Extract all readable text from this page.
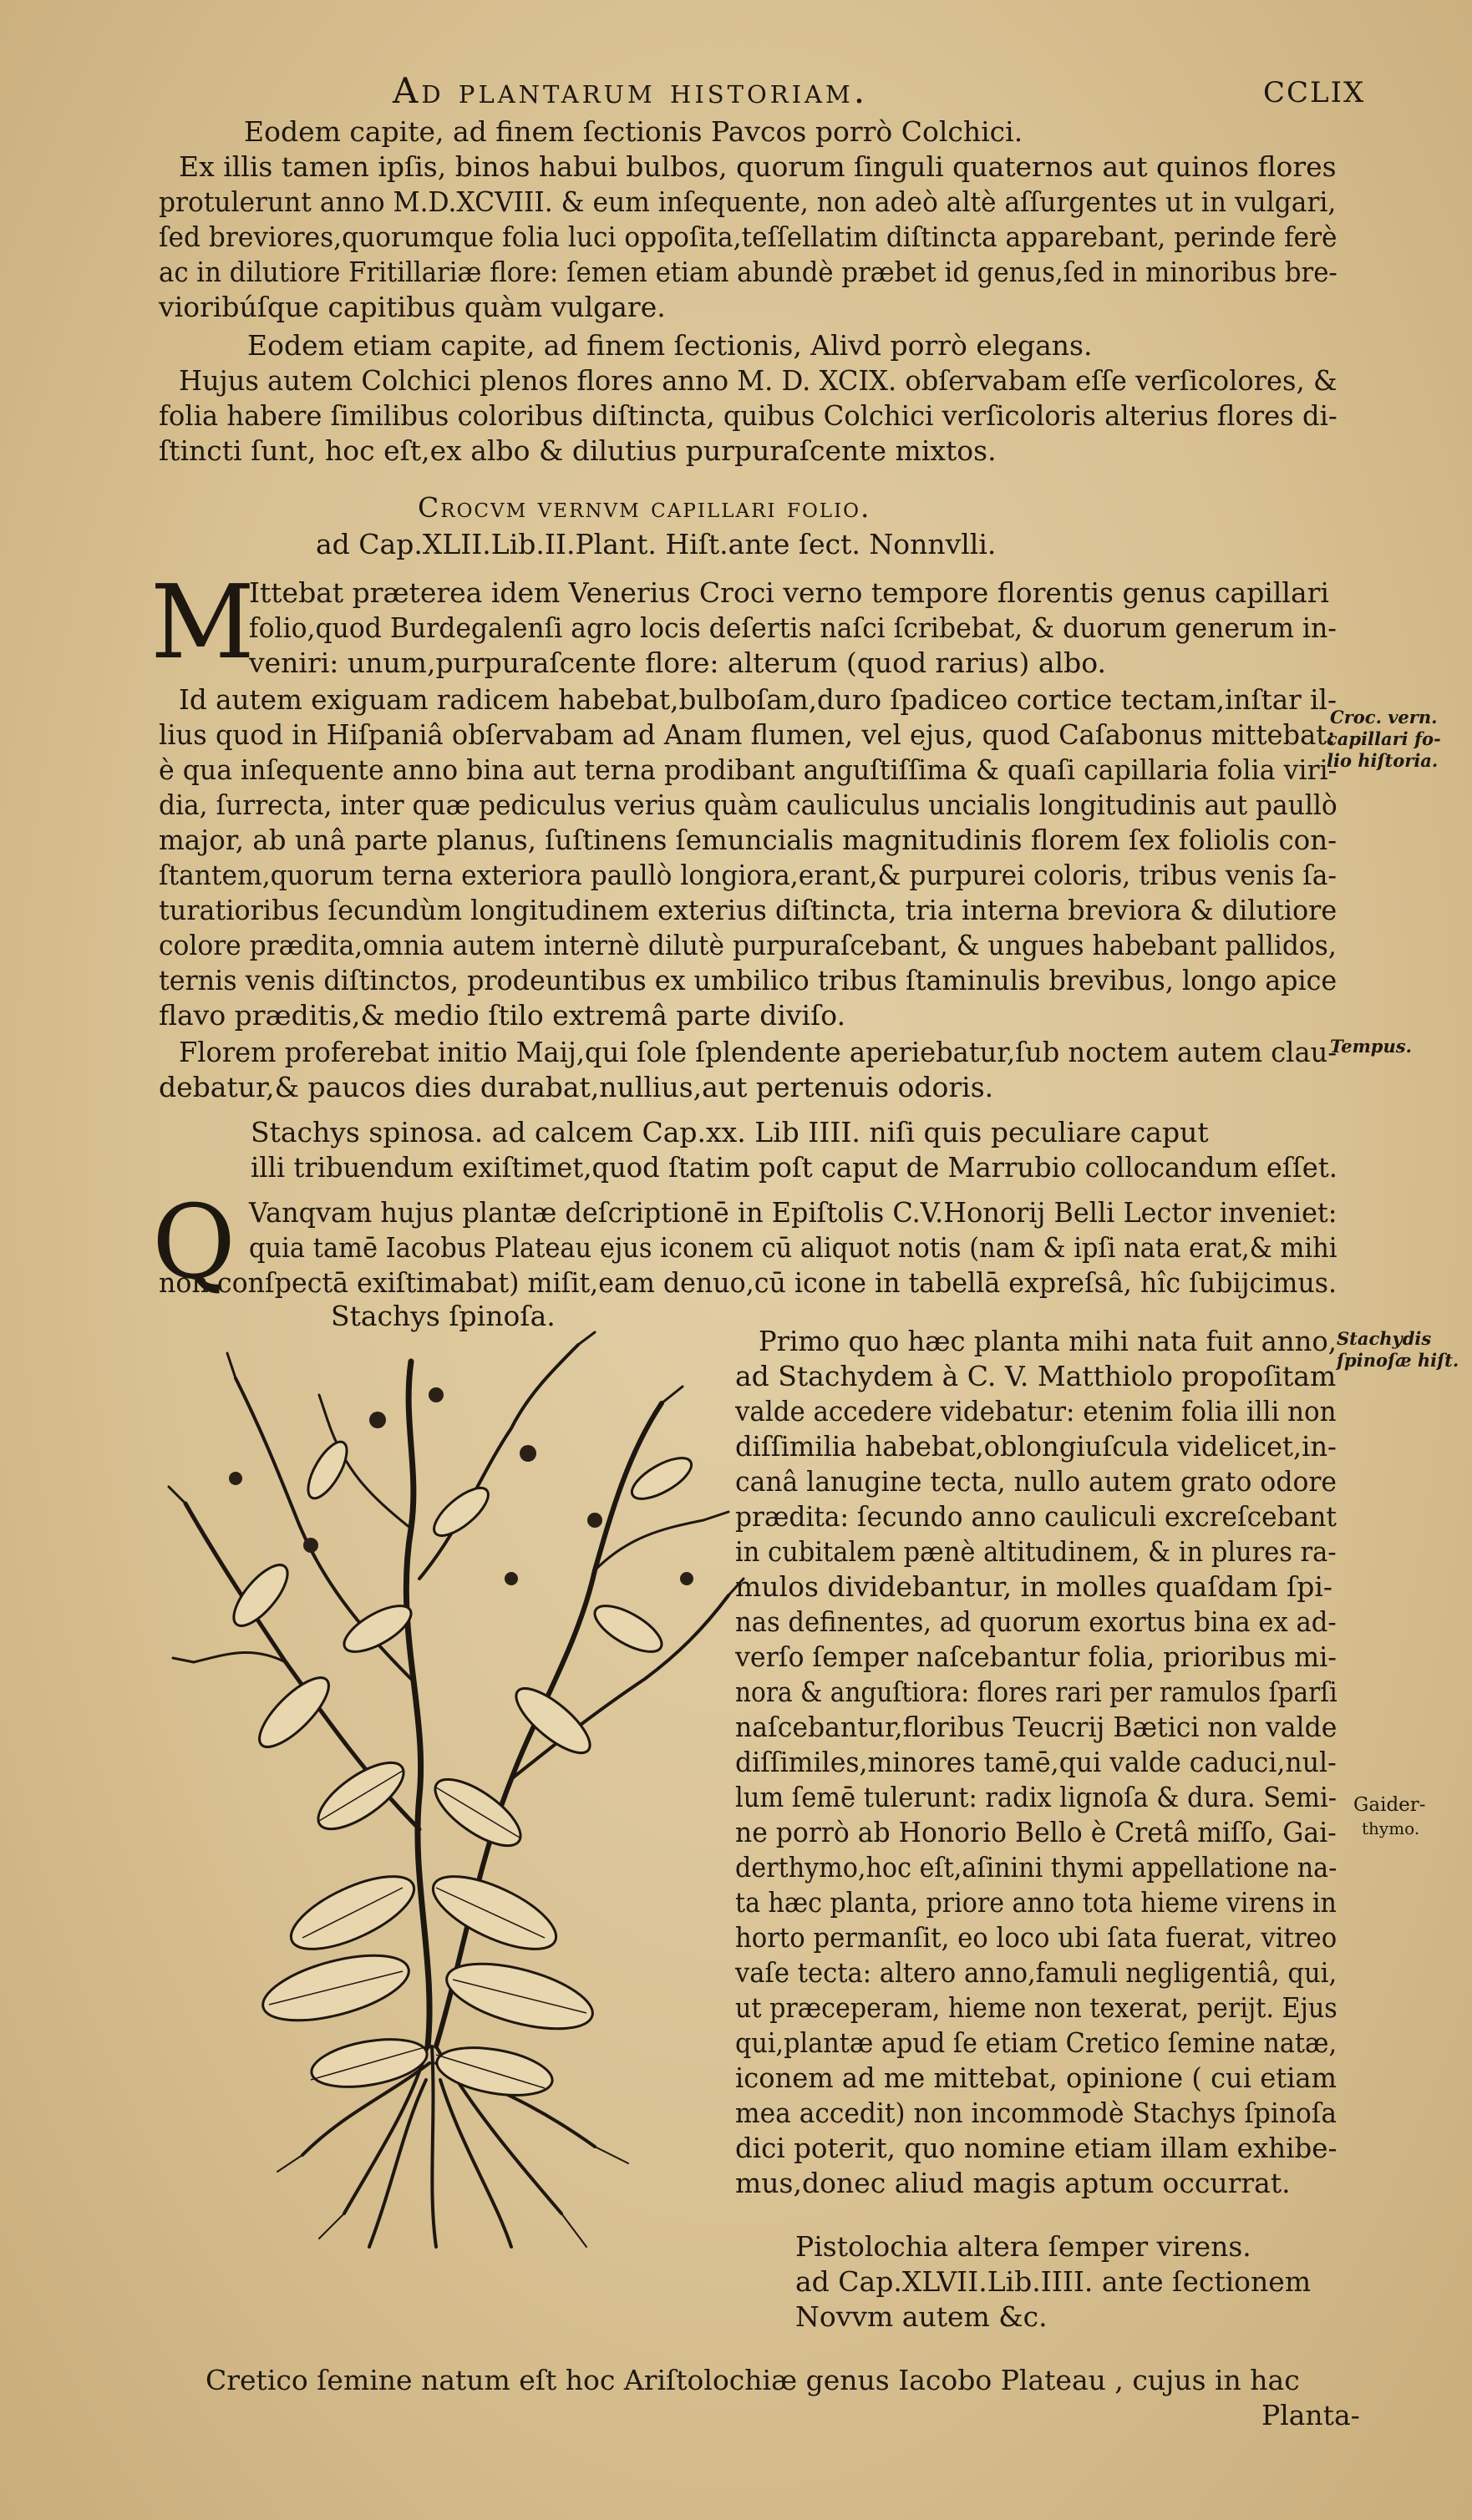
Ad plantarum historiam.	cclix
Eodem capite, ad finem ſectionis Pavcos porrò Colchici.
Ex illis tamen ipſis, binos habui bulbos, quorum ſinguli quaternos aut quinos flores
protulerunt anno M.D.XCVIII. & eum inſequente, non adeò altè aſſurgentes ut in vulgari,
ſed breviores,quorumque folia luci oppoſita,teſſellatim diſtincta apparebant, perinde ferè
ac in dilutiore Fritillariæ flore: ſemen etiam abundè præbet id genus,ſed in minoribus bre-
vioribúſque capitibus quàm vulgare.
Eodem etiam capite, ad finem ſectionis, Alivd porrò elegans.
Hujus autem Colchici plenos flores anno M. D. XCIX. obſervabam eſſe verſicolores, &
folia habere ſimilibus coloribus diſtincta, quibus Colchici verſicoloris alterius flores di-
ſtincti ſunt, hoc eſt,ex albo & dilutius purpuraſcente mixtos.
Crocvm vernvm capillari folio.
ad Cap.XLII.Lib.II.Plant. Hiſt.ante ſect. Nonnvlli.
M
Ittebat præterea idem Venerius Croci verno tempore florentis genus capillari
folio,quod Burdegalenſi agro locis deſertis naſci ſcribebat, & duorum generum in-
veniri: unum,purpuraſcente flore: alterum (quod rarius) albo.
Id autem exiguam radicem habebat,bulboſam,duro ſpadiceo cortice tectam,inſtar il-
lius quod in Hiſpaniâ obſervabam ad Anam flumen, vel ejus, quod Caſabonus mittebat:
è qua inſequente anno bina aut terna prodibant anguſtiſſima & quaſi capillaria folia viri-
dia, ſurrecta, inter quæ pediculus verius quàm cauliculus uncialis longitudinis aut paullò
major, ab unâ parte planus, ſuſtinens ſemuncialis magnitudinis florem ſex foliolis con-
ſtantem,quorum terna exteriora paullò longiora,erant,& purpurei coloris, tribus venis ſa-
turatioribus ſecundùm longitudinem exterius diſtincta, tria interna breviora & dilutiore
colore prædita,omnia autem internè dilutè purpuraſcebant, & ungues habebant pallidos,
ternis venis diſtinctos, prodeuntibus ex umbilico tribus ſtaminulis brevibus, longo apice
flavo præditis,& medio ſtilo extremâ parte diviſo.
Florem proferebat initio Maij,qui ſole ſplendente aperiebatur,ſub noctem autem clau-
debatur,& paucos dies durabat,nullius,aut pertenuis odoris.
Croc. vern.
capillari fo-
lio hiſtoria.
Tempus.
Stachys spinosa. ad calcem Cap.xx. Lib IIII. niſi quis peculiare caput
illi tribuendum exiſtimet,quod ſtatim poſt caput de Marrubio collocandum eſſet.
Q Vanqvam hujus plantæ deſcriptionē in Epiſtolis C.V.Honorij Belli Lector inveniet:
quia tamē Iacobus Plateau ejus iconem cū aliquot notis (nam & ipſi nata erat,& mihi
non conſpectā exiſtimabat) miſit,eam denuo,cū icone in tabellā expreſsâ, hîc ſubijcimus.
Stachys ſpinoſa.
Primo quo hæc planta mihi nata fuit anno,
ad Stachydem à C. V. Matthiolo propoſitam
valde accedere videbatur: etenim folia illi non
diſſimilia habebat,oblongiuſcula videlicet,in-
canâ lanugine tecta, nullo autem grato odore
prædita: ſecundo anno cauliculi excreſcebant
in cubitalem pænè altitudinem, & in plures ra-
mulos dividebantur, in molles quaſdam ſpi-
nas definentes, ad quorum exortus bina ex ad-
verſo ſemper naſcebantur folia, prioribus mi-
nora & anguſtiora: flores rari per ramulos ſparſi
naſcebantur,floribus Teucrij Bætici non valde
diſſimiles,minores tamē,qui valde caduci,nul-
lum ſemē tulerunt: radix lignoſa & dura. Semi-
ne porrò ab Honorio Bello è Cretâ miſſo, Gai-
derthymo,hoc eſt,aſinini thymi appellatione na-
ta hæc planta, priore anno tota hieme virens in
horto permanſit, eo loco ubi ſata fuerat, vitreo
vaſe tecta: altero anno,famuli negligentiâ, qui,
ut præceperam, hieme non texerat, perijt. Ejus
qui,plantæ apud ſe etiam Cretico ſemine natæ,
iconem ad me mittebat, opinione ( cui etiam
mea accedit) non incommodè Stachys ſpinoſa
dici poterit, quo nomine etiam illam exhibe-
mus,donec aliud magis aptum occurrat.
Stachydis
ſpinoſæ hiſt.
Gaider-
thymo.
Pistolochia altera ſemper virens.
ad Cap.XLVII.Lib.IIII. ante ſectionem
Novvm autem &c.
Cretico ſemine natum eſt hoc Ariſtolochiæ genus Iacobo Plateau , cujus in hac
Planta-
